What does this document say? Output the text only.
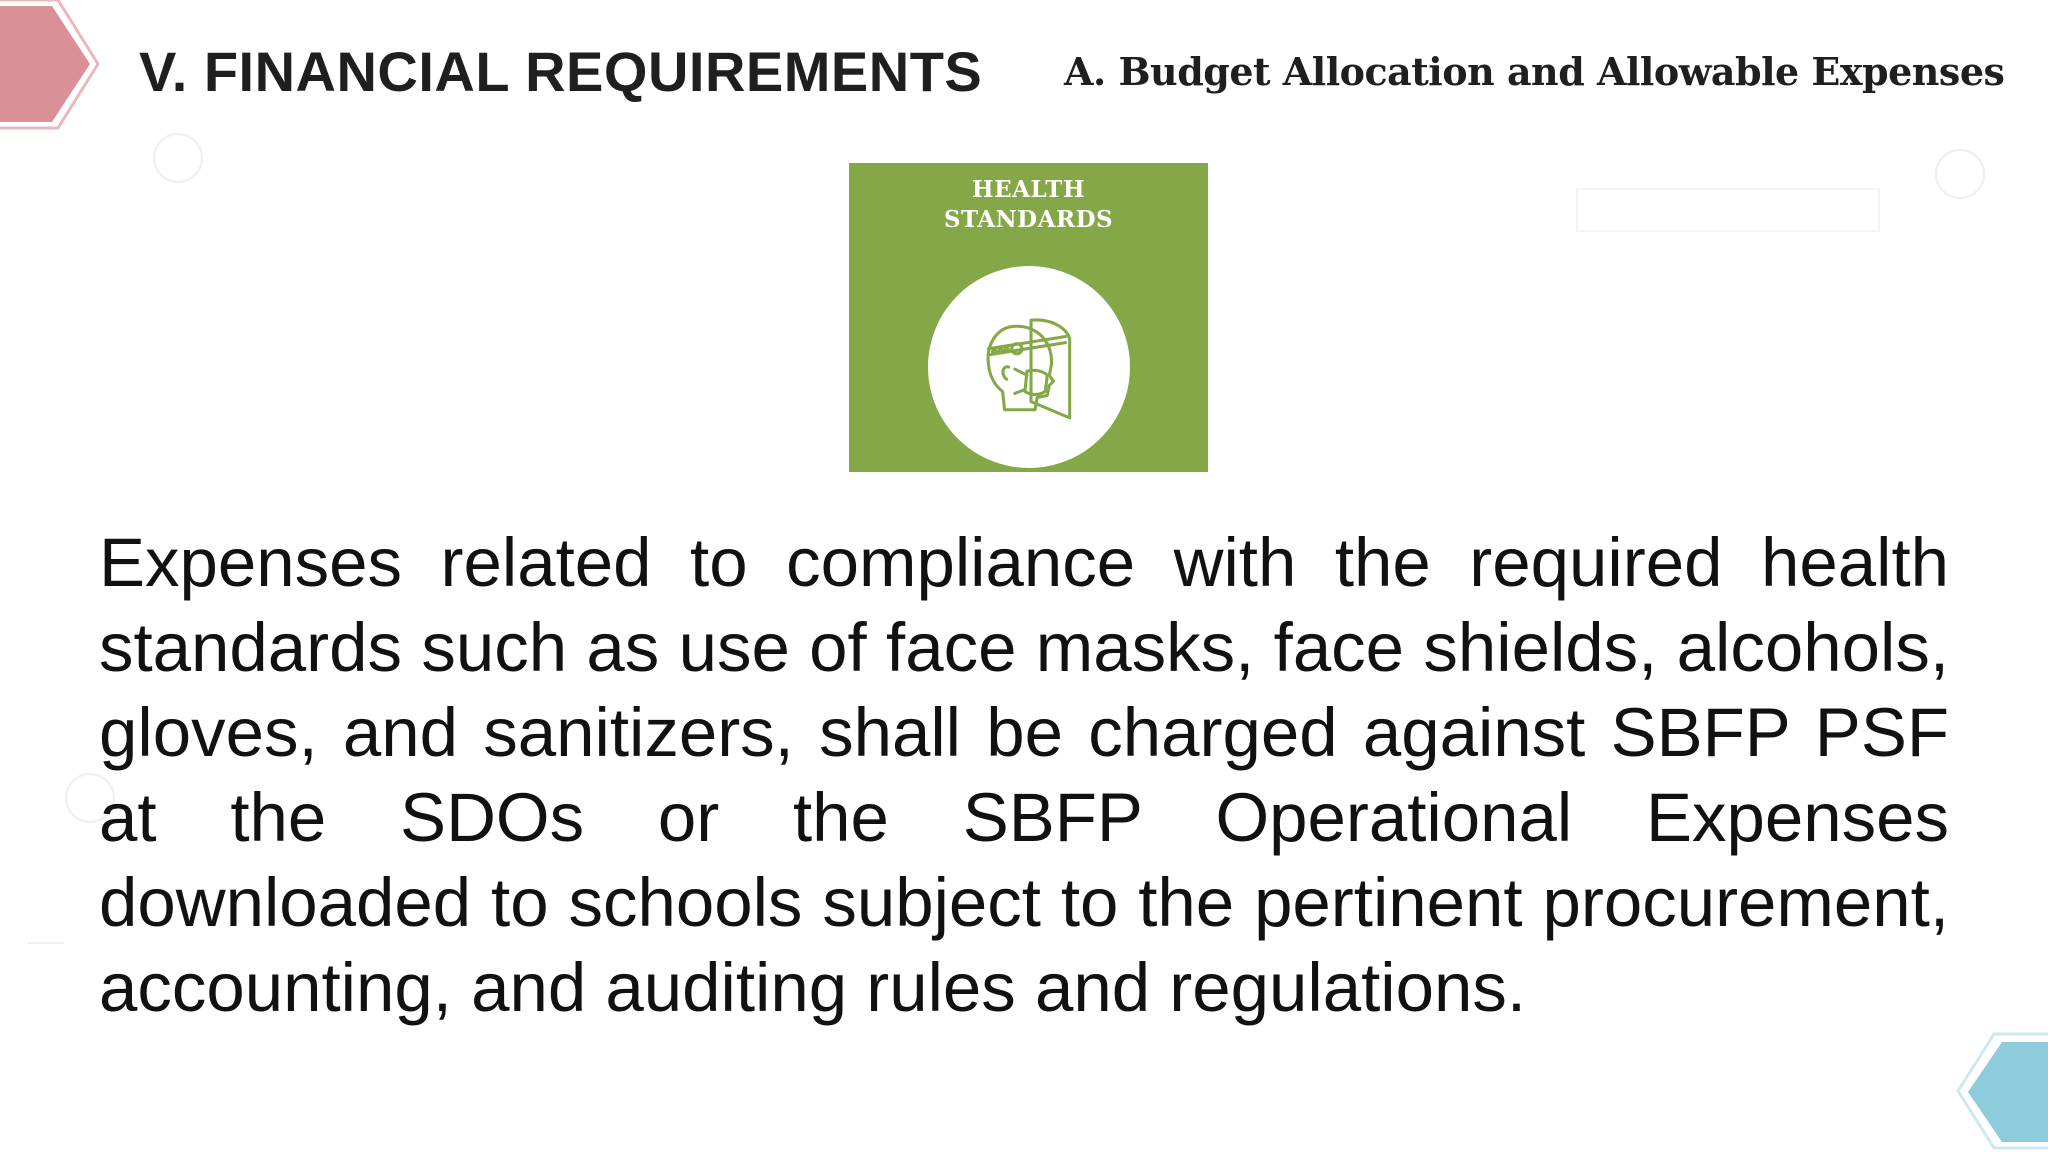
V. FINANCIAL REQUIREMENTS A. Budget Allocation and Allowable Expenses
HEALTH
STANDARDS

Expenses related to compliance with the required health standards such as use of face masks, face shields, alcohols, gloves, and sanitizers, shall be charged against SBFP PSF at the SDOs or the SBFP Operational Expenses downloaded to schools subject to the pertinent procurement, accounting, and auditing rules and regulations.
